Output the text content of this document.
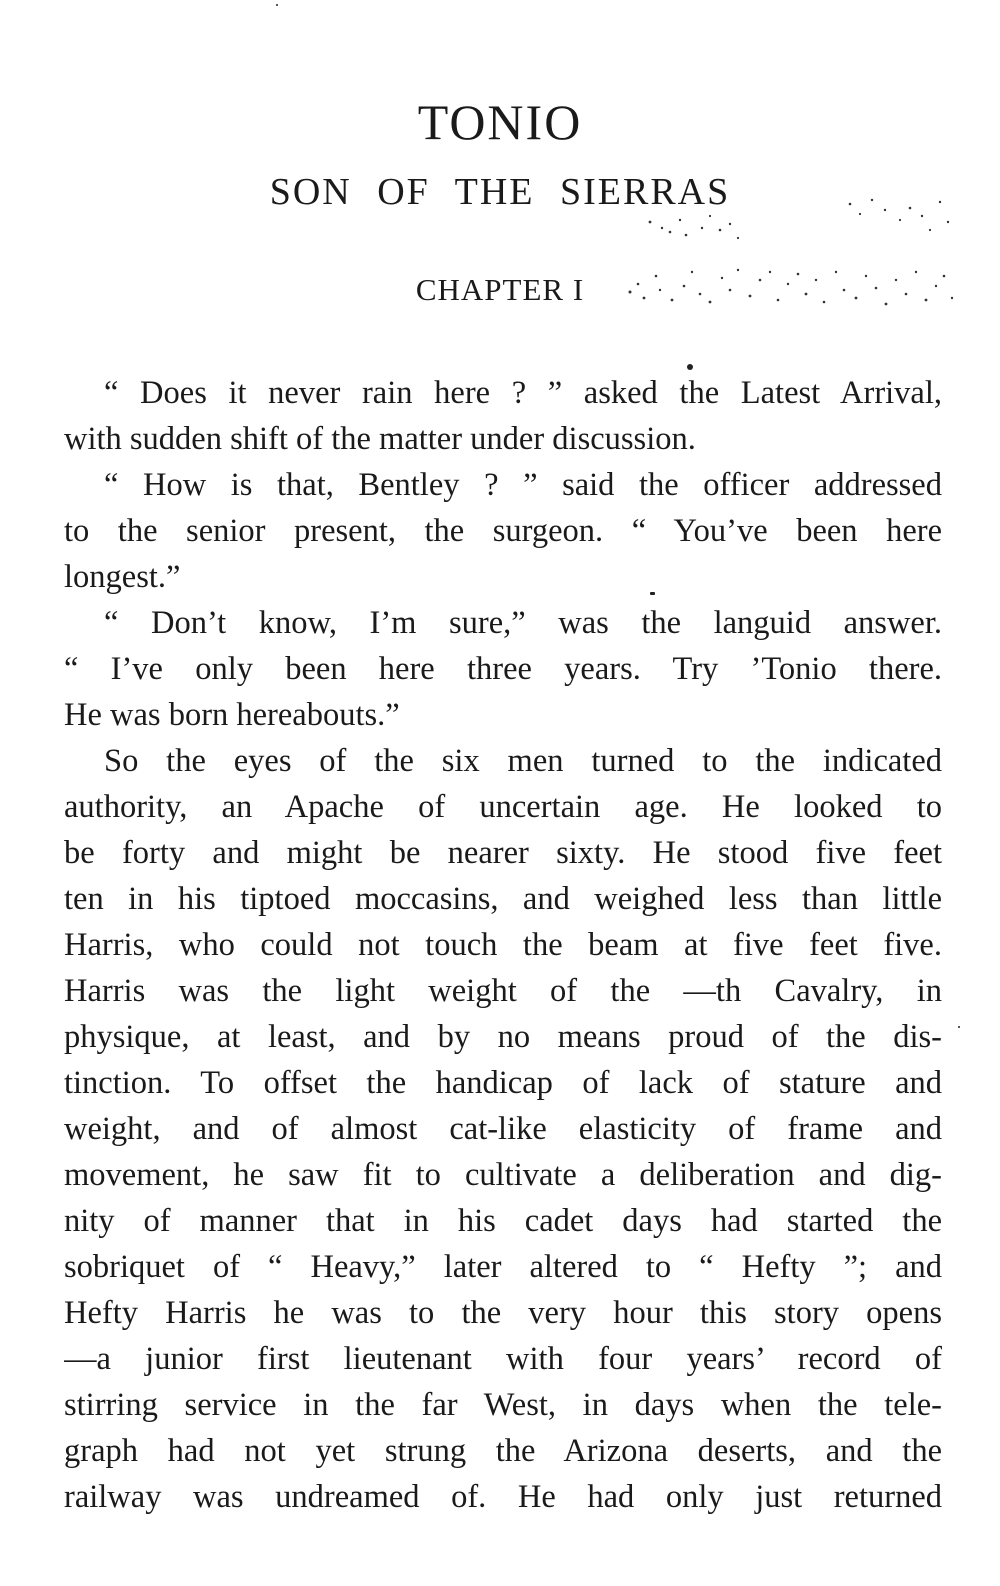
TONIO
SON OF THE SIERRAS
CHAPTER I
“ Does it never rain here ? ” asked the Latest Arrival,
with sudden shift of the matter under discussion.
“ How is that, Bentley ? ” said the officer addressed
to the senior present, the surgeon. “ You’ve been here
longest.”
“ Don’t know, I’m sure,” was the languid answer.
“ I’ve only been here three years. Try ’Tonio there.
He was born hereabouts.”
So the eyes of the six men turned to the indicated
authority, an Apache of uncertain age. He looked to
be forty and might be nearer sixty. He stood five feet
ten in his tiptoed moccasins, and weighed less than little
Harris, who could not touch the beam at five feet five.
Harris was the light weight of the —th Cavalry, in
physique, at least, and by no means proud of the dis-
tinction. To offset the handicap of lack of stature and
weight, and of almost cat-like elasticity of frame and
movement, he saw fit to cultivate a deliberation and dig-
nity of manner that in his cadet days had started the
sobriquet of “ Heavy,” later altered to “ Hefty ”; and
Hefty Harris he was to the very hour this story opens
—a junior first lieutenant with four years’ record of
stirring service in the far West, in days when the tele-
graph had not yet strung the Arizona deserts, and the
railway was undreamed of. He had only just returned
